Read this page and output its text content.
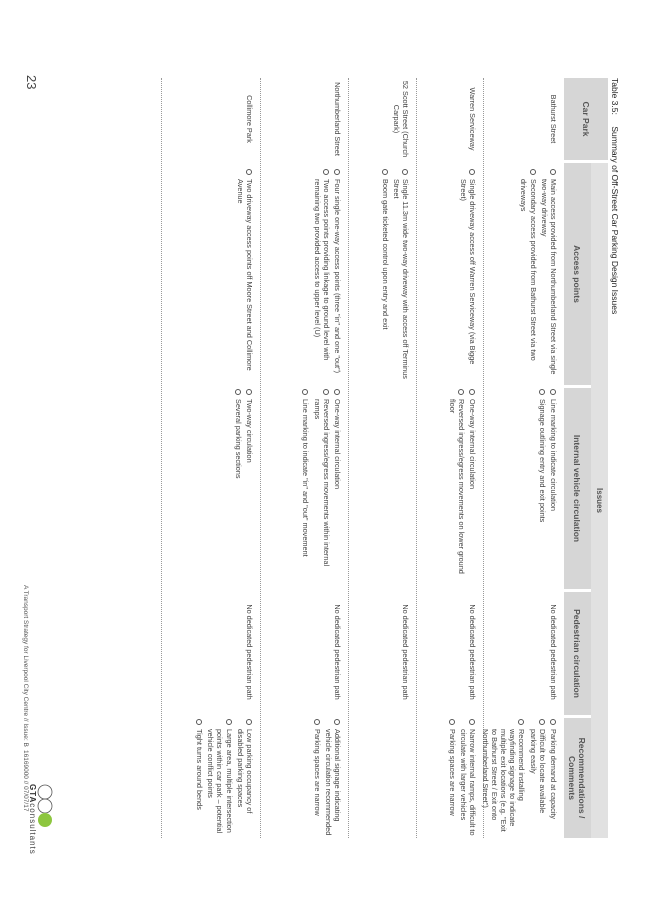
Table 3.5: Summary of Off-Street Car Parking Design Issues
Issues
Car Park
Access points
Internal vehicle circulation
Pedestrian circulation
Recommendations / Comments
Bathurst Street
Main access provided from Northumberland Street via single two-way driveway
Secondary access provided from Bathurst Street via two driveways
Line marking to indicate circulation
Signage outlining entry and exit points
No dedicated pedestrian path
Parking demand at capacity
Difficult to locate available parking easily
Recommend installing wayfinding signage to indicate multiple exit locations (e.g. "Exit to Bathurst Street / Exit onto Northumberland Street")
Warren Serviceway
Single driveway access off Warren Serviceway (via Bigge Street)
One-way internal circulation
Reversed ingress/egress movements on lower ground floor
No dedicated pedestrian path
Narrow internal ramps, difficult to circulate with larger vehicles
Parking spaces are narrow
52 Scott Street (Church Carpark)
Single 11.3m wide two-way driveway with access off Terminus Street
Boom gate ticketed control upon entry and exit
No dedicated pedestrian path
Northumberland Street
Four single one-way access points (three "in" and one "out")
Two access points providing linkage to ground level with remaining two provided access to upper level (U)
One-way internal circulation
Reversed ingress/egress movements within internal ramps
Line marking to indicate "in" and "out" movement
No dedicated pedestrian path
Additional signage indicating vehicle circulation recommended
Parking spaces are narrow
Collimore Park
Two driveway access points off Moore Street and Collimore Avenue
Two-way circulation
Several parking sections
No dedicated pedestrian path
Low parking occupancy of disabled parking spaces
Large area, multiple intersection points within car park – potential vehicle conflict points
Tight turns around bends
23
A Transport Strategy for Liverpool City Centre // Issue: B
16169000 // 07/07/17 GTAconsultants
